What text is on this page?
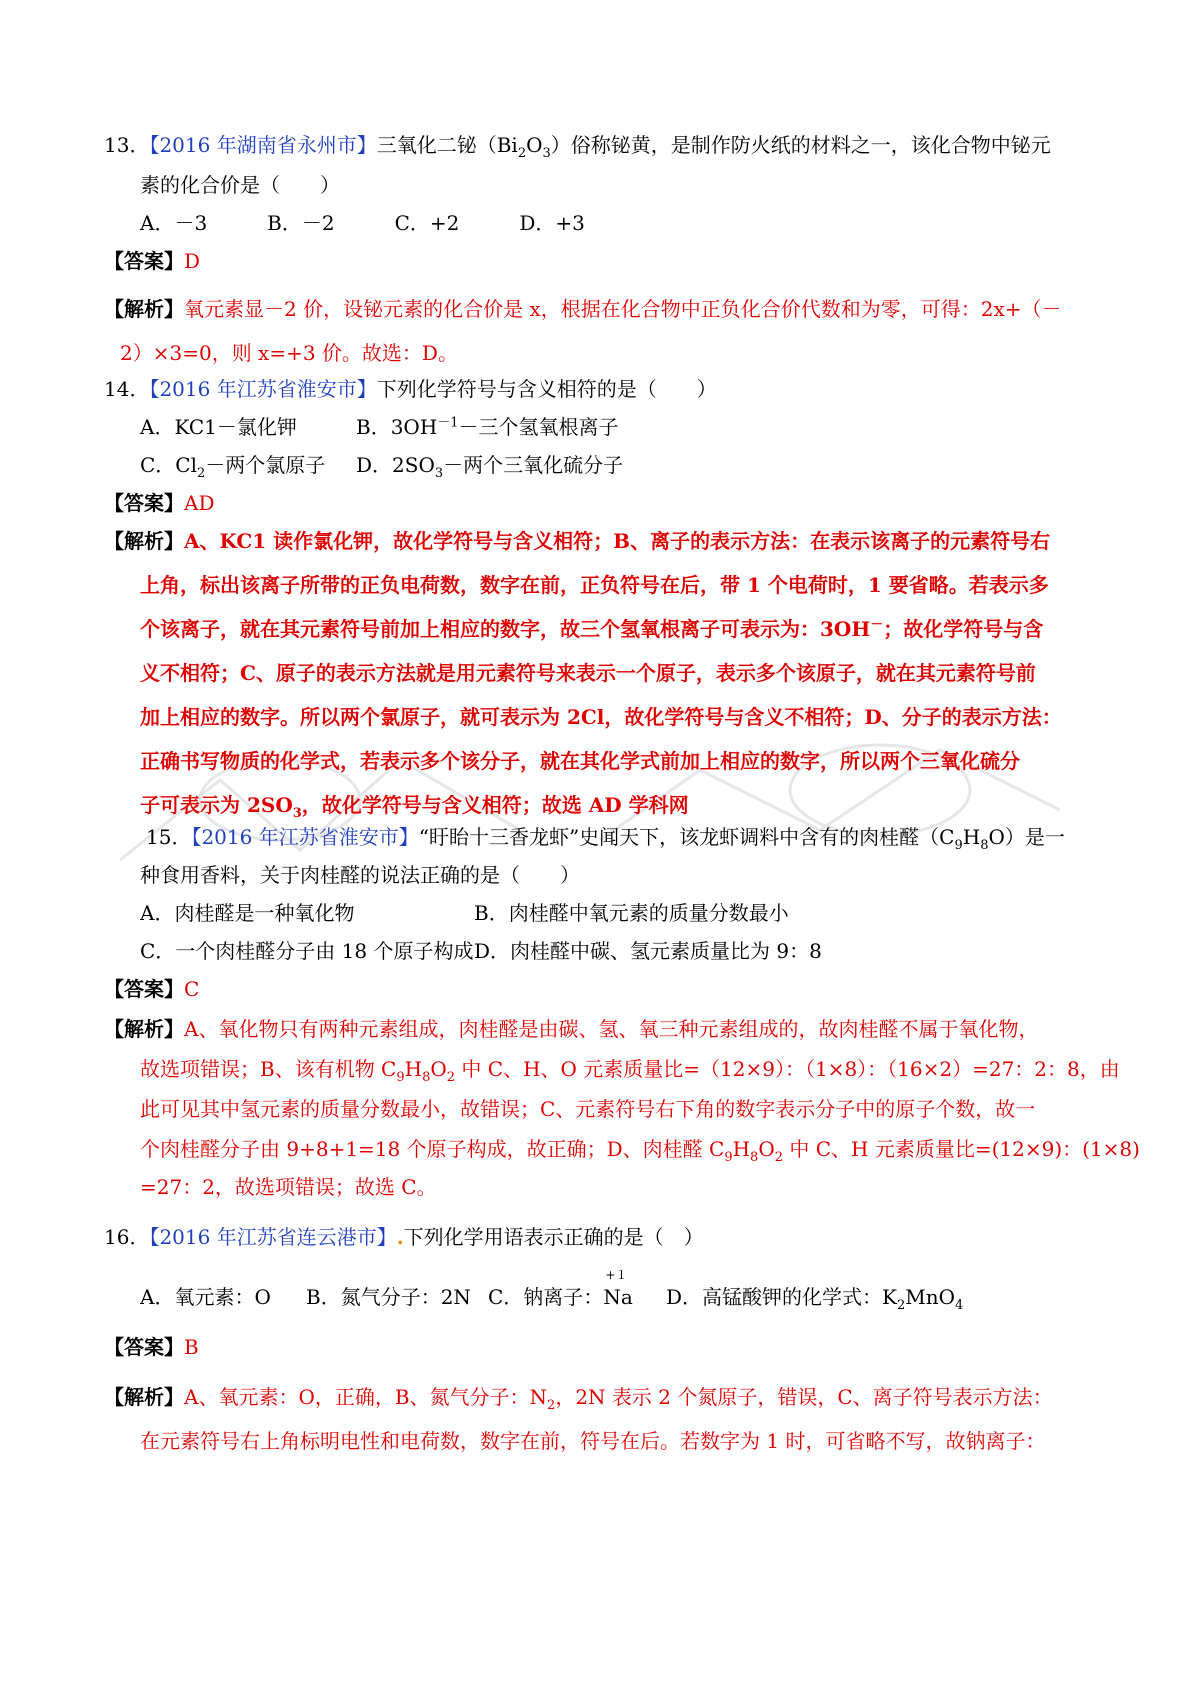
13．【2016 年湖南省永州市】三氧化二铋$(Bi_2O_3)$俗称铋黄，是制作防火纸的材料之一，该化合物中铋元
素的化合价是（　　）
A．－3　　　B．－2　　　C．+2　　　D．+3
【答案】D
【解析】氧元素显－2 价，设铋元素的化合价是 x，根据在化合物中正负化合价代数和为零，可得：2x+（－
2）×3=0，则 x=+3 价。故选：D。
14．【2016 年江苏省淮安市】下列化学符号与含义相符的是（　　）
A．KC1－氯化钾	B．$3OH^{-1}-$三个氢氧根离子
C．$Cl_2-$两个氯原子 D．$2SO_3-$两个三氧化硫分子
【答案】AD
【解析】A、KC1 读作氯化钾，故化学符号与含义相符；B、离子的表示方法：在表示该离子的元素符号右
上角，标出该离子所带的正负电荷数，数字在前，正负符号在后，带 1 个电荷时，1 要省略。若表示多
个该离子，就在其元素符号前加上相应的数字，故三个氢氧根离子可表示为：3OH－；故化学符号与含
义不相符；C、原子的表示方法就是用元素符号来表示一个原子，表示多个该原子，就在其元素符号前
加上相应的数字。所以两个氯原子，就可表示为 2Cl，故化学符号与含义不相符；D、分子的表示方法：
正确书写物质的化学式，若表示多个该分子，就在其化学式前加上相应的数字，所以两个三氧化硫分
子可表示为 $2SO_3$，故化学符号与含义相符；故选 AD 学科网
15．【2016 年江苏省淮安市】“盱眙十三香龙虾”史闻天下，该龙虾调料中含有的肉桂醛$(C_9H_8O)$是一
种食用香料，关于肉桂醛的说法正确的是（　　）
A．肉桂醛是一种氧化物	B．肉桂醛中氧元素的质量分数最小
C．一个肉桂醛分子由 18 个原子构成 D．肉桂醛中碳、氢元素质量比为 9：8
【答案】C
【解析】A、氧化物只有两种元素组成，肉桂醛是由碳、氢、氧三种元素组成的，故肉桂醛不属于氧化物，
故选项错误；B、该有机物 $C_9H_8O_2$ 中 C、H、O 元素质量比=（12×9）：（1×8）：（16×2）=27：2：8，由
此可见其中氢元素的质量分数最小，故错误；C、元素符号右下角的数字表示分子中的原子个数，故一
个肉桂醛分子由 9+8+1=18 个原子构成，故正确；D、肉桂醛 $C_9H_8O_2$ 中 C、H 元素质量比=(12×9)：(1×8)
=27：2，故选项错误；故选 C。
16．【2016 年江苏省连云港市】.下列化学用语表示正确的是（　）
A．氧元素：O B．氮气分子：2N C．钠离子：
+１
Na D．高锰酸钾的化学式：$K_2MnO_4$
【答案】B
【解析】A、氧元素：O，正确，B、氮气分子：$N_2$，2N 表示 2 个氮原子，错误，C、离子符号表示方法：
在元素符号右上角标明电性和电荷数，数字在前，符号在后。若数字为 1 时，可省略不写，故钠离子：
